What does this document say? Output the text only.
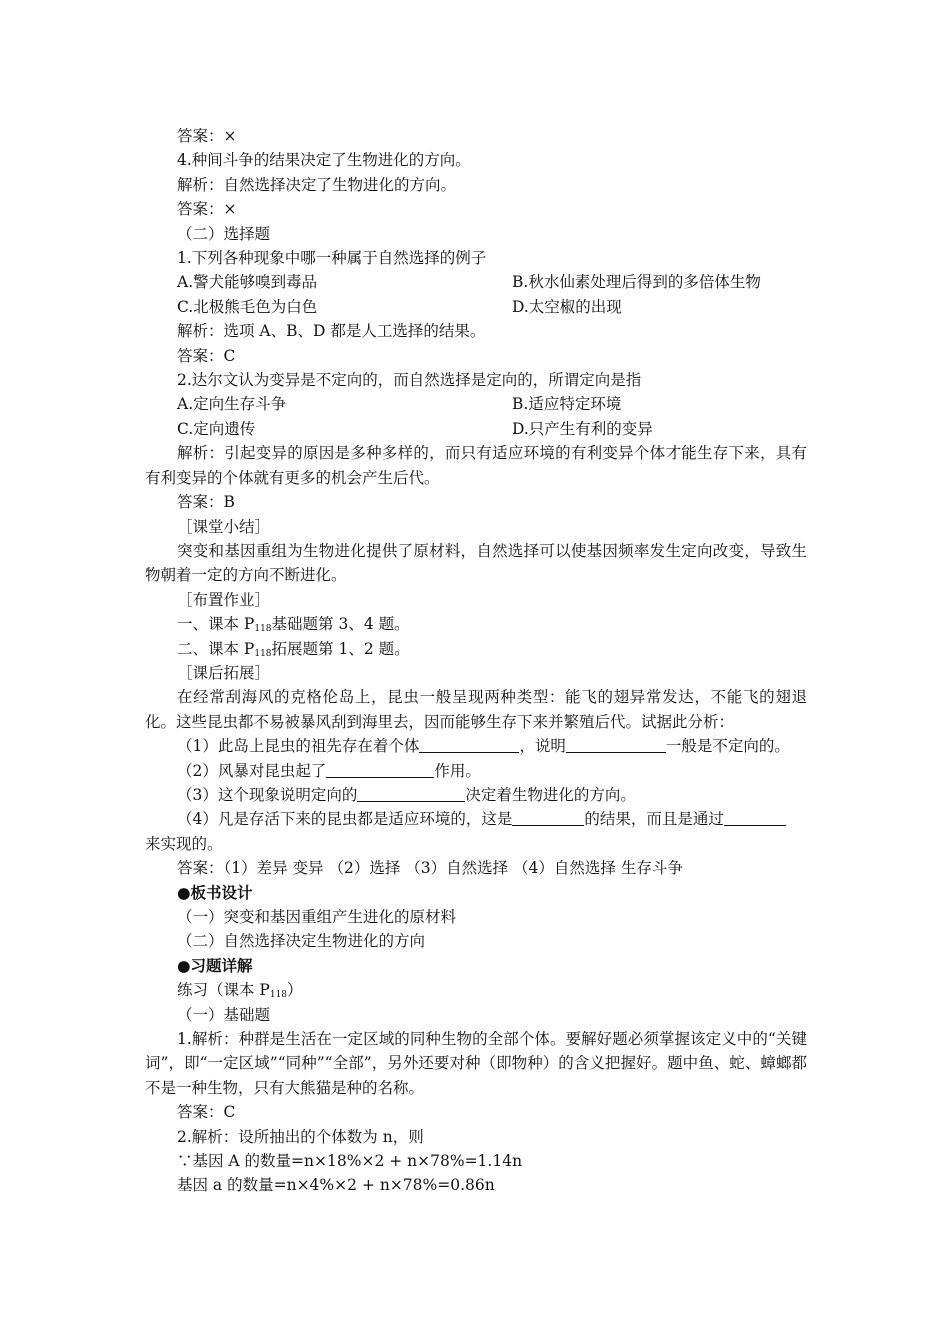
答案：×
4.种间斗争的结果决定了生物进化的方向。
解析：自然选择决定了生物进化的方向。
答案：×
（二）选择题
1.下列各种现象中哪一种属于自然选择的例子
A.警犬能够嗅到毒品	B.秋水仙素处理后得到的多倍体生物
C.北极熊毛色为白色	D.太空椒的出现
解析：选项 A、B、D 都是人工选择的结果。
答案：C
2.达尔文认为变异是不定向的，而自然选择是定向的，所谓定向是指
A.定向生存斗争	B.适应特定环境
C.定向遗传	D.只产生有利的变异
解析：引起变异的原因是多种多样的，而只有适应环境的有利变异个体才能生存下来，具有有利变异的个体就有更多的机会产生后代。
答案：B
［课堂小结］
突变和基因重组为生物进化提供了原材料，自然选择可以使基因频率发生定向改变，导致生物朝着一定的方向不断进化。
［布置作业］
一、课本 $P_{118}$基础题第 3、4 题。
二、课本 $P_{118}$拓展题第 1、2 题。
［课后拓展］
在经常刮海风的克格伦岛上，昆虫一般呈现两种类型：能飞的翅异常发达，不能飞的翅退化。这些昆虫都不易被暴风刮到海里去，因而能够生存下来并繁殖后代。试据此分析：
（1）此岛上昆虫的祖先存在着个体	，说明	一般是不定向的。
（2）风暴对昆虫起了	作用。
（3）这个现象说明定向的	决定着生物进化的方向。
（4）凡是存活下来的昆虫都是适应环境的，这是	的结果，而且是通过
来实现的。
答案：（1）差异 变异 （2）选择 （3）自然选择 （4）自然选择 生存斗争
●板书设计
（一）突变和基因重组产生进化的原材料
（二）自然选择决定生物进化的方向
●习题详解
练习（课本 $P_{118}$）
（一）基础题
1.解析：种群是生活在一定区域的同种生物的全部个体。要解好题必须掌握该定义中的“关键词”，即“一定区域”“同种”“全部”，另外还要对种（即物种）的含义把握好。题中鱼、蛇、蟑螂都不是一种生物，只有大熊猫是种的名称。
答案：C
2.解析：设所抽出的个体数为 n，则
∵基因 A 的数量=n×18%×2 + n×78%=1.14n
基因 a 的数量=n×4%×2 + n×78%=0.86n
